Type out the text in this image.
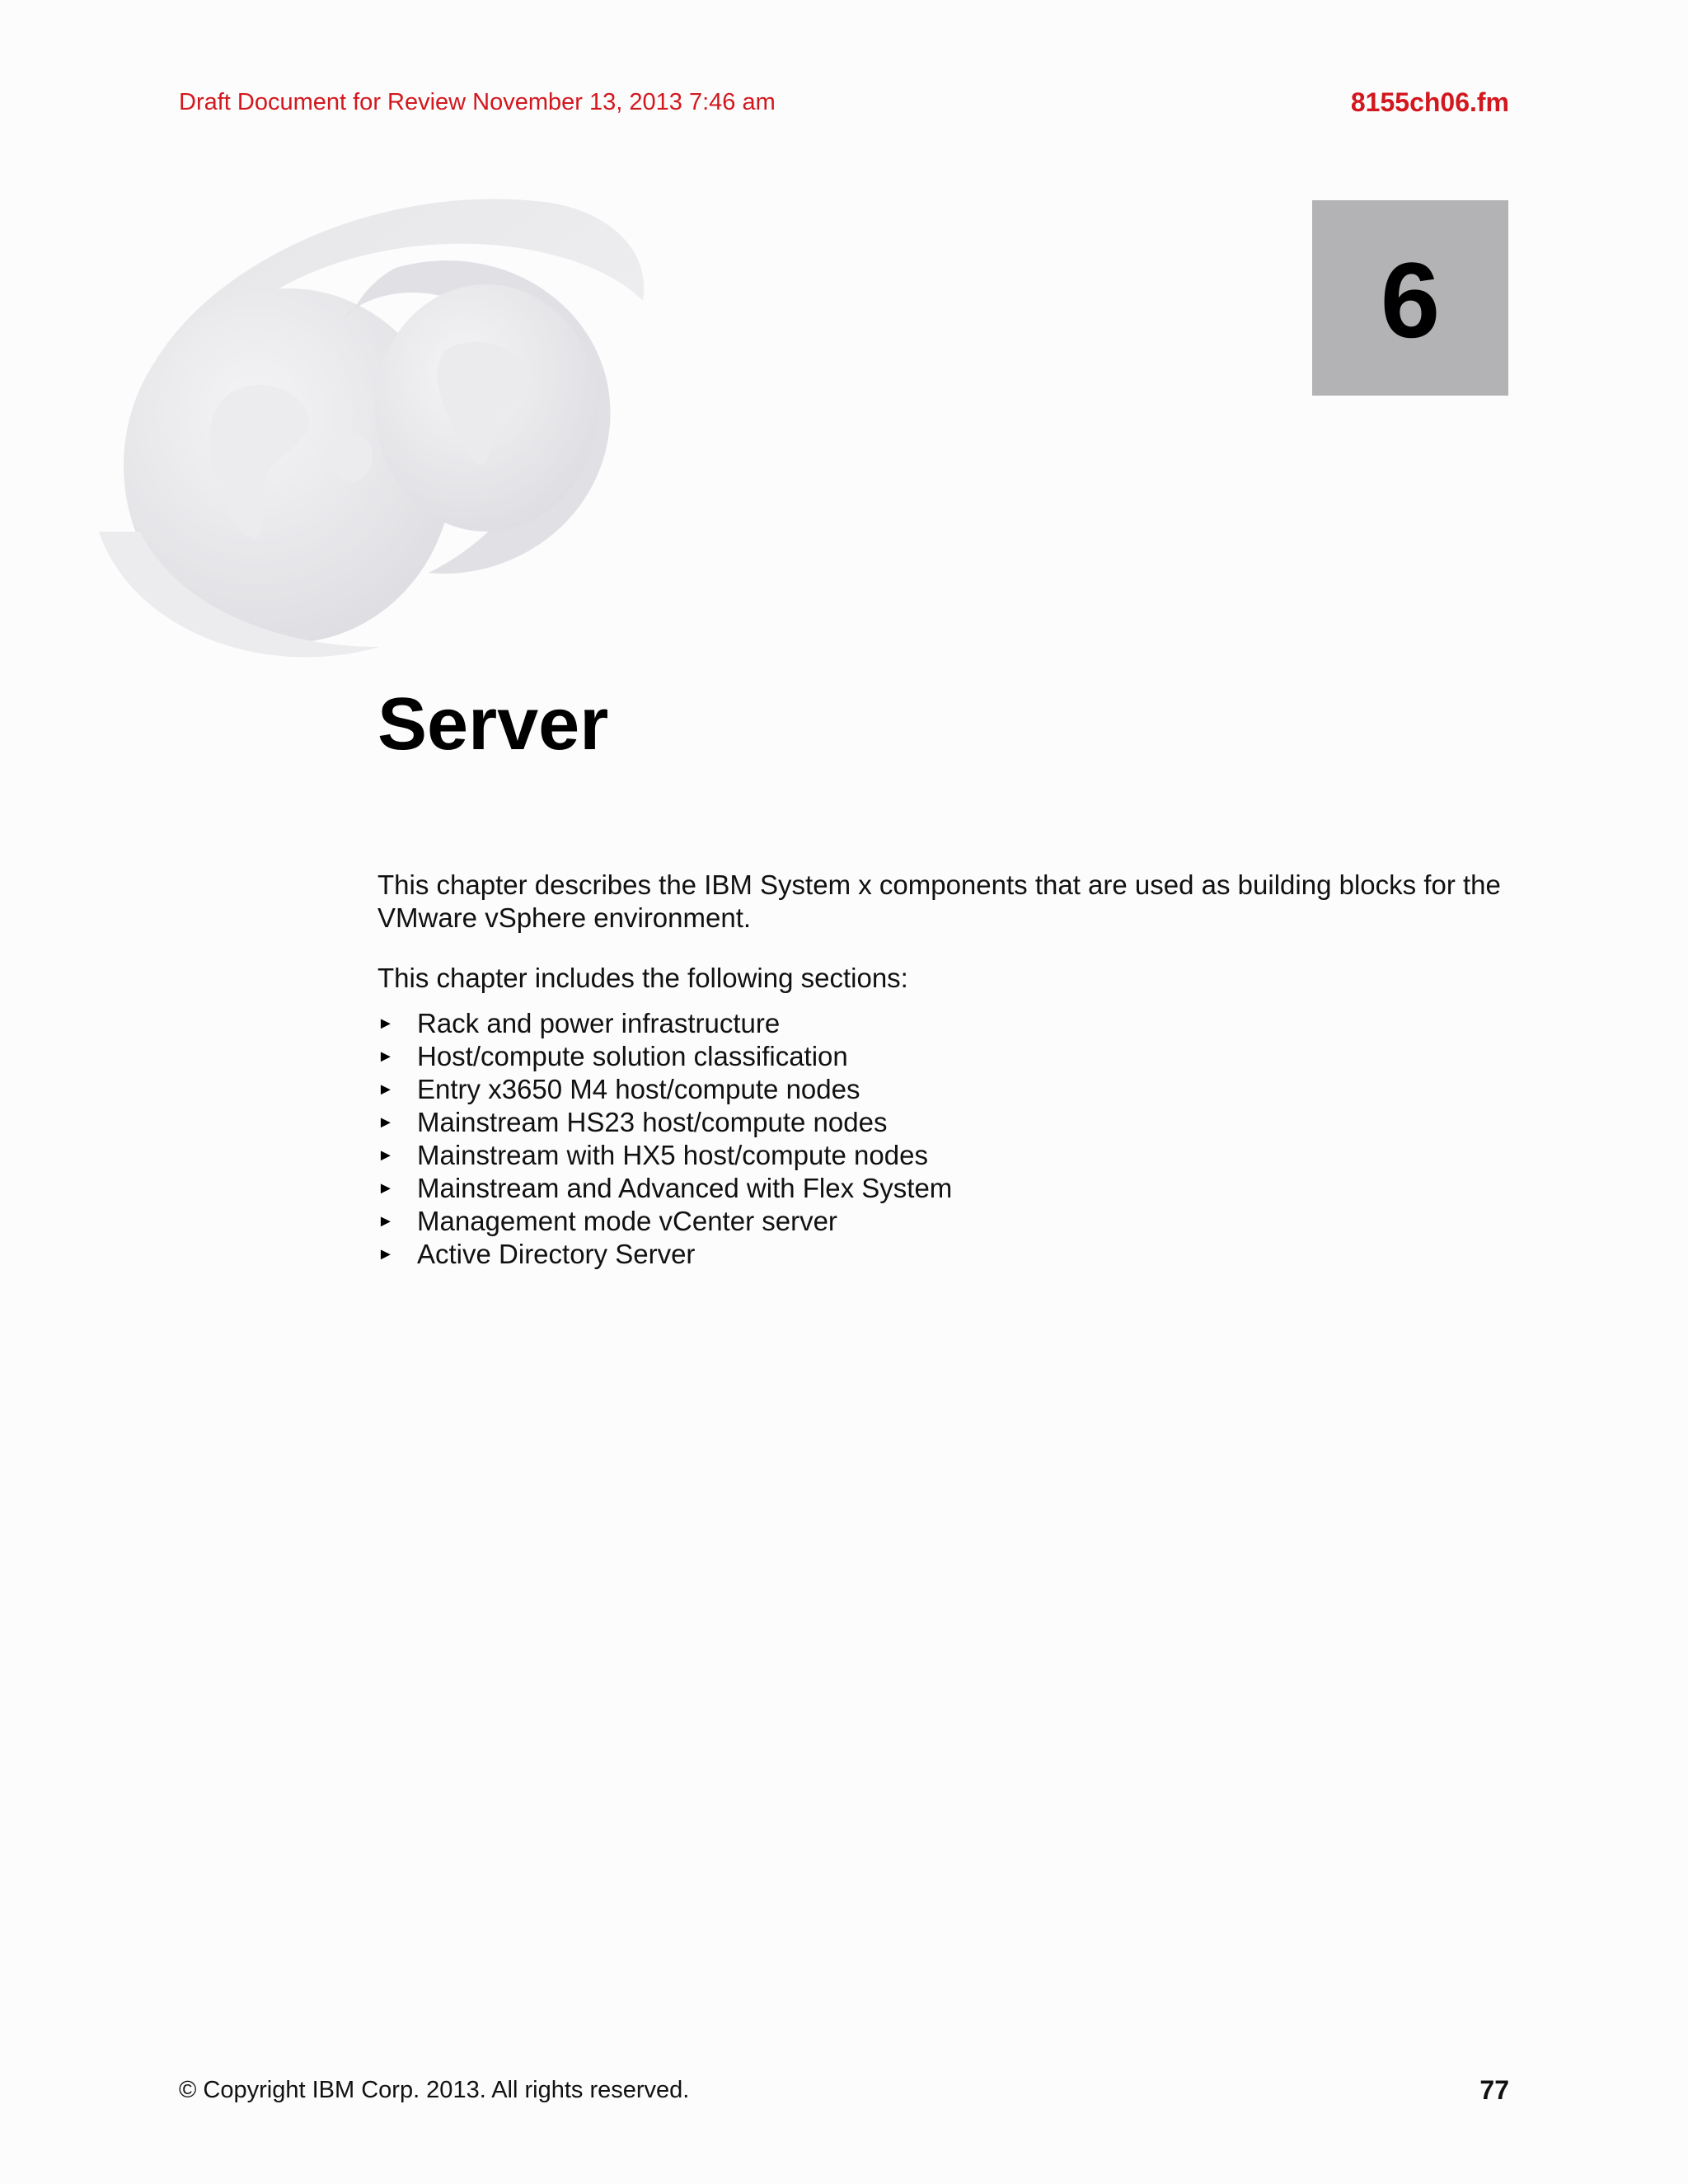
Draft Document for Review November 13, 2013 7:46 am	8155ch06.fm
6
Server

This chapter describes the IBM System x components that are used as building blocks for the VMware vSphere environment.

This chapter includes the following sections:

► Rack and power infrastructure
► Host/compute solution classification
► Entry x3650 M4 host/compute nodes
► Mainstream HS23 host/compute nodes
► Mainstream with HX5 host/compute nodes
► Mainstream and Advanced with Flex System
► Management mode vCenter server
► Active Directory Server
© Copyright IBM Corp. 2013. All rights reserved.	77
